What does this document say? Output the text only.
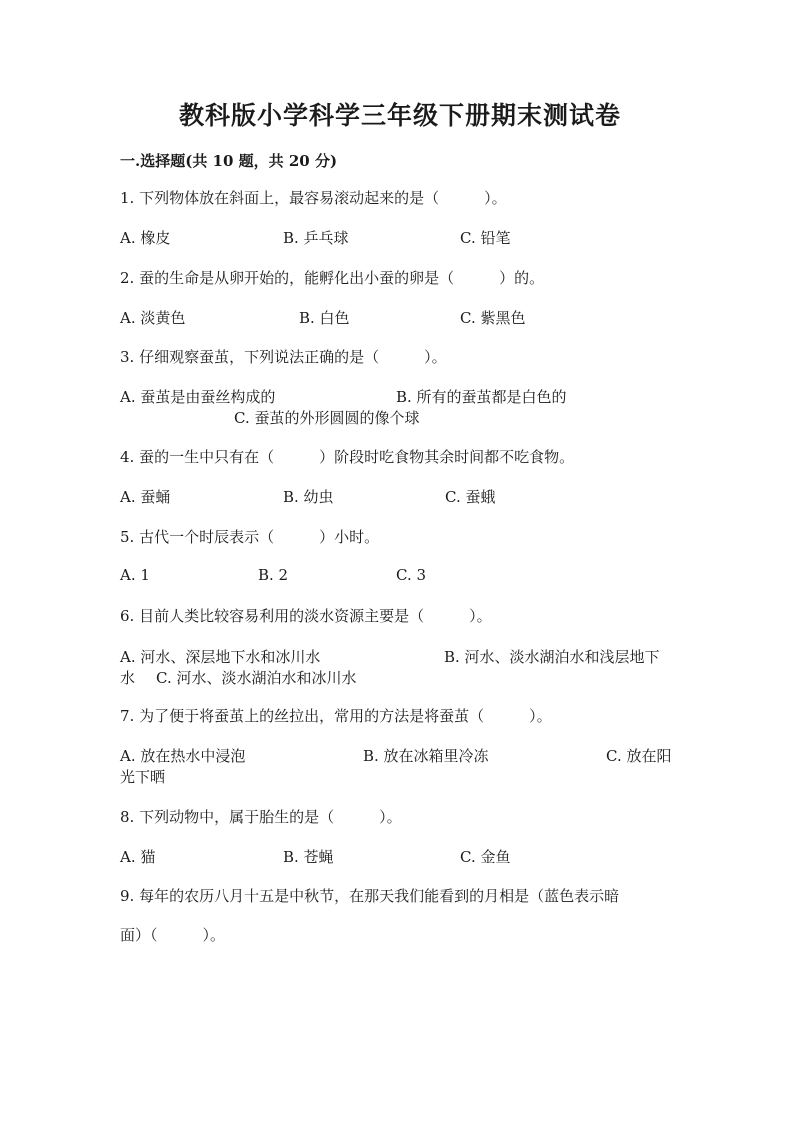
教科版小学科学三年级下册期末测试卷
一.选择题(共 10 题，共 20 分)
1. 下列物体放在斜面上，最容易滚动起来的是（　　　）。
A. 橡皮	B. 乒乓球	C. 铅笔
2. 蚕的生命是从卵开始的，能孵化出小蚕的卵是（　　　）的。
A. 淡黄色	B. 白色	C. 紫黑色
3. 仔细观察蚕茧，下列说法正确的是（　　　）。
A. 蚕茧是由蚕丝构成的	B. 所有的蚕茧都是白色的
C. 蚕茧的外形圆圆的像个球
4. 蚕的一生中只有在（　　　）阶段时吃食物其余时间都不吃食物。
A. 蚕蛹	B. 幼虫	C. 蚕蛾
5. 古代一个时辰表示（　　　）小时。
A. 1	B. 2	C. 3
6. 目前人类比较容易利用的淡水资源主要是（　　　）。
A. 河水、深层地下水和冰川水	B. 河水、淡水湖泊水和浅层地下
水 C. 河水、淡水湖泊水和冰川水
7. 为了便于将蚕茧上的丝拉出，常用的方法是将蚕茧（　　　）。
A. 放在热水中浸泡	B. 放在冰箱里冷冻	C. 放在阳
光下晒
8. 下列动物中，属于胎生的是（　　　）。
A. 猫	B. 苍蝇	C. 金鱼
9. 每年的农历八月十五是中秋节，在那天我们能看到的月相是（蓝色表示暗
面）（　　　）。
